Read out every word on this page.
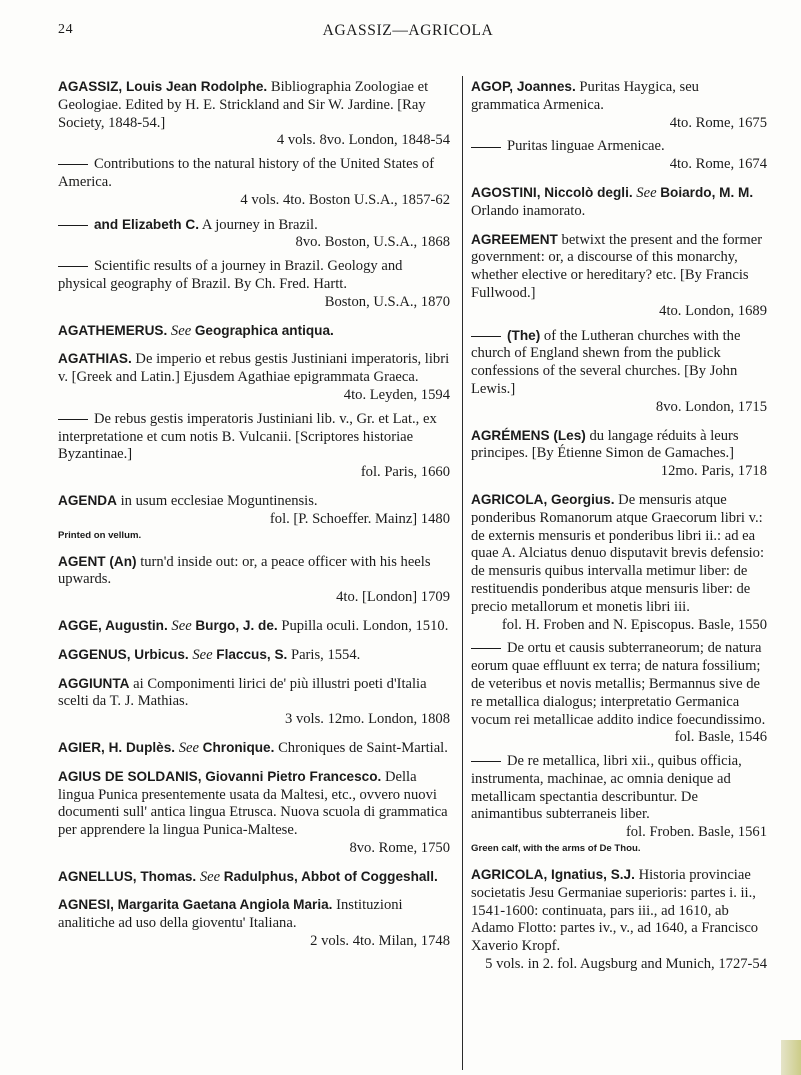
24	AGASSIZ—AGRICOLA

AGASSIZ, Louis Jean Rodolphe. Bibliographia Zoologiae et Geologiae. Edited by H. E. Strickland and Sir W. Jardine. [Ray Society, 1848-54.]

4 vols. 8vo. London, 1848-54

Contributions to the natural history of the United States of America.

4 vols. 4to. Boston U.S.A., 1857-62

and Elizabeth C. A journey in Brazil.

8vo. Boston, U.S.A., 1868

Scientific results of a journey in Brazil. Geology and physical geography of Brazil. By Ch. Fred. Hartt.

Boston, U.S.A., 1870

AGATHEMERUS. See Geographica antiqua.

AGATHIAS. De imperio et rebus gestis Justiniani imperatoris, libri v. [Greek and Latin.] Ejusdem Agathiae epigrammata Graeca.

4to. Leyden, 1594

De rebus gestis imperatoris Justiniani lib. v., Gr. et Lat., ex interpretatione et cum notis B. Vulcanii. [Scriptores historiae Byzantinae.]

fol. Paris, 1660

AGENDA in usum ecclesiae Moguntinensis.

fol. [P. Schoeffer. Mainz] 1480

Printed on vellum.

AGENT (An) turn'd inside out: or, a peace officer with his heels upwards.

4to. [London] 1709

AGGE, Augustin. See Burgo, J. de. Pupilla oculi. London, 1510.

AGGENUS, Urbicus. See Flaccus, S. Paris, 1554.

AGGIUNTA ai Componimenti lirici de' più illustri poeti d'Italia scelti da T. J. Mathias.

3 vols. 12mo. London, 1808

AGIER, H. Duplès. See Chronique. Chroniques de Saint-Martial.

AGIUS DE SOLDANIS, Giovanni Pietro Francesco. Della lingua Punica presentemente usata da Maltesi, etc., ovvero nuovi documenti sull' antica lingua Etrusca. Nuova scuola di grammatica per apprendere la lingua Punica-Maltese.

8vo. Rome, 1750

AGNELLUS, Thomas. See Radulphus, Abbot of Coggeshall.

AGNESI, Margarita Gaetana Angiola Maria. Instituzioni analitiche ad uso della gioventu' Italiana.

2 vols. 4to. Milan, 1748

AGOP, Joannes. Puritas Haygica, seu grammatica Armenica.

4to. Rome, 1675

Puritas linguae Armenicae.

4to. Rome, 1674

AGOSTINI, Niccolò degli. See Boiardo, M. M. Orlando inamorato.

AGREEMENT betwixt the present and the former government: or, a discourse of this monarchy, whether elective or hereditary? etc. [By Francis Fullwood.]

4to. London, 1689

(The) of the Lutheran churches with the church of England shewn from the publick confessions of the several churches. [By John Lewis.]

8vo. London, 1715

AGRÉMENS (Les) du langage réduits à leurs principes. [By Étienne Simon de Gamaches.]

12mo. Paris, 1718

AGRICOLA, Georgius. De mensuris atque ponderibus Romanorum atque Graecorum libri v.: de externis mensuris et ponderibus libri ii.: ad ea quae A. Alciatus denuo disputavit brevis defensio: de mensuris quibus intervalla metimur liber: de restituendis ponderibus atque mensuris liber: de precio metallorum et monetis libri iii.

fol. H. Froben and N. Episcopus. Basle, 1550

De ortu et causis subterraneorum; de natura eorum quae effluunt ex terra; de natura fossilium; de veteribus et novis metallis; Bermannus sive de re metallica dialogus; interpretatio Germanica vocum rei metallicae addito indice foecundissimo.

fol. Basle, 1546

De re metallica, libri xii., quibus officia, instrumenta, machinae, ac omnia denique ad metallicam spectantia describuntur. De animantibus subterraneis liber.

fol. Froben. Basle, 1561

Green calf, with the arms of De Thou.

AGRICOLA, Ignatius, S.J. Historia provinciae societatis Jesu Germaniae superioris: partes i. ii., 1541-1600: continuata, pars iii., ad 1610, ab Adamo Flotto: partes iv., v., ad 1640, a Francisco Xaverio Kropf.

5 vols. in 2. fol. Augsburg and Munich, 1727-54
